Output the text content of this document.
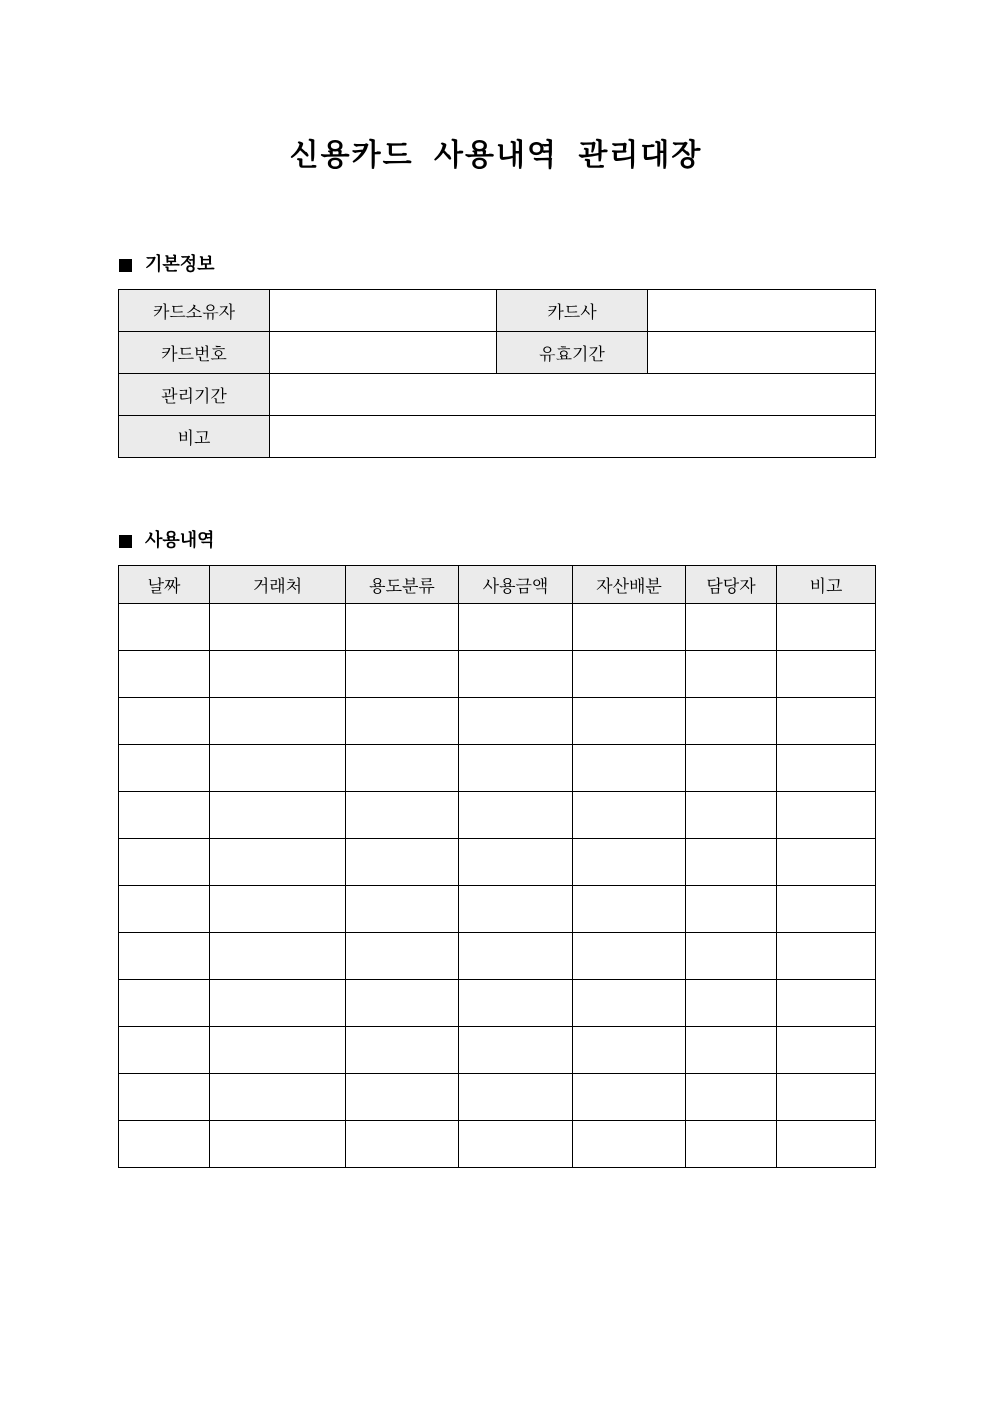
신용카드 사용내역 관리대장
기본정보
카드소유자		카드사	
카드번호		유효기간	
관리기간			
비고			
사용내역
날짜	거래처	용도분류	사용금액	자산배분	담당자	비고
